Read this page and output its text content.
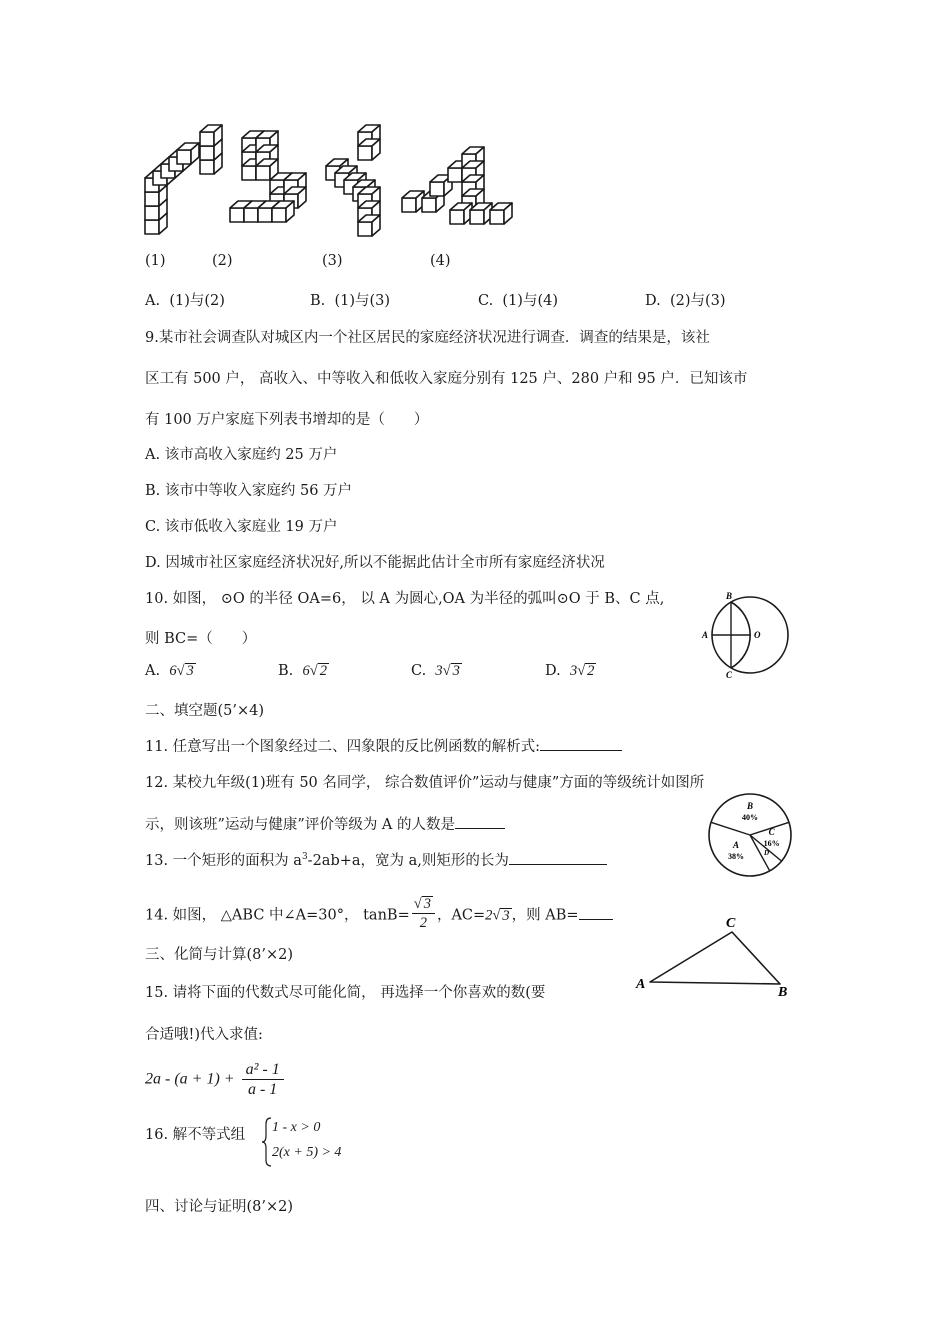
(1)	(2)	(3)	(4)
A. (1)与(2)	B. (1)与(3)	C. (1)与(4)	D. (2)与(3)
9.某市社会调查队对城区内一个社区居民的家庭经济状况进行调查．调查的结果是，该社
区工有 500 户， 高收入、中等收入和低收入家庭分别有 125 户、280 户和 95 户．已知该市
有 100 万户家庭下列表书增却的是（　　）
A. 该市高收入家庭约 25 万户
B. 该市中等收入家庭约 56 万户
C. 该市低收入家庭业 19 万户
D. 因城市社区家庭经济状况好,所以不能据此估计全市所有家庭经济状况
10. 如图， ⊙O 的半径 OA=6， 以 A 为圆心,OA 为半径的弧叫⊙O 于 B、C 点,
则 BC=（　　）
A. 6√ 3	B. 6√ 2	C. 3√ 3	D. 3√ 2
B
A	O
C
二、填空题(5’×4)
11. 任意写出一个图象经过二、四象限的反比例函数的解析式:
12. 某校九年级(1)班有 50 名同学， 综合数值评价”运动与健康”方面的等级统计如图所
示，则该班”运动与健康”评价等级为 A 的人数是
B
40%
C
16%
D
A
38%
13. 一个矩形的面积为 $a^3-2ab+a$，宽为 a,则矩形的长为
14. 如图， △ABC 中∠A=30°， $\tan B= \frac{√ 3}{2}$ ，AC=2√ 3 ，则 AB=
A
C
B
三、化简与计算(8’×2)
15. 请将下面的代数式尽可能化简， 再选择一个你喜欢的数(要
合适哦!)代入求值:
$2a - (a + 1) + \frac{\text{a² - 1}}{a - 1}$
16. 解不等式组 1 - x > 0
2(x + 5) > 4
四、讨论与证明(8’×2)
